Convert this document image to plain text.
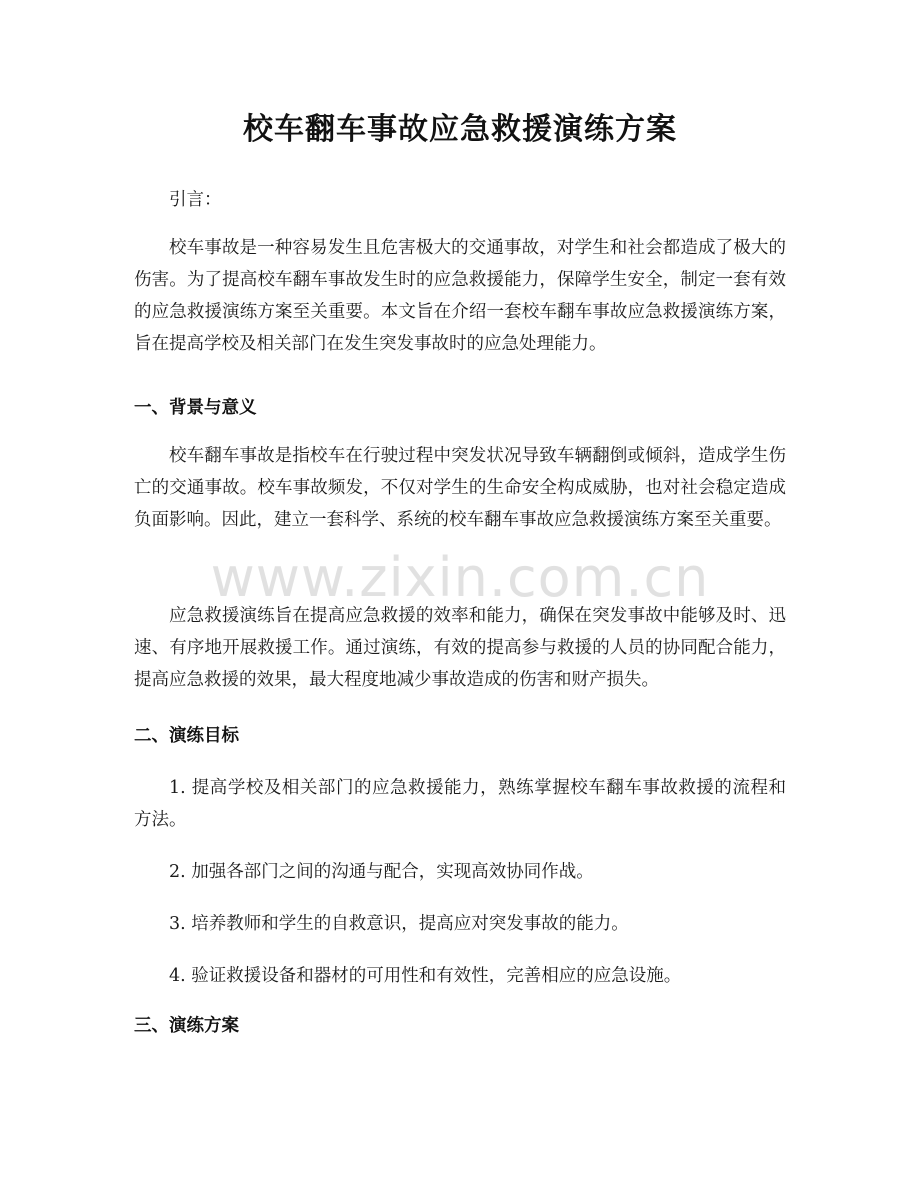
校车翻车事故应急救援演练方案

引言：

校车事故是一种容易发生且危害极大的交通事故，对学生和社会都造成了极大的伤害。为了提高校车翻车事故发生时的应急救援能力，保障学生安全，制定一套有效的应急救援演练方案至关重要。本文旨在介绍一套校车翻车事故应急救援演练方案，旨在提高学校及相关部门在发生突发事故时的应急处理能力。

一、背景与意义

校车翻车事故是指校车在行驶过程中突发状况导致车辆翻倒或倾斜，造成学生伤亡的交通事故。校车事故频发，不仅对学生的生命安全构成威胁，也对社会稳定造成负面影响。因此，建立一套科学、系统的校车翻车事故应急救援演练方案至关重要。

应急救援演练旨在提高应急救援的效率和能力，确保在突发事故中能够及时、迅速、有序地开展救援工作。通过演练，有效的提高参与救援的人员的协同配合能力，提高应急救援的效果，最大程度地减少事故造成的伤害和财产损失。

二、演练目标

1. 提高学校及相关部门的应急救援能力，熟练掌握校车翻车事故救援的流程和方法。

2. 加强各部门之间的沟通与配合，实现高效协同作战。

3. 培养教师和学生的自救意识，提高应对突发事故的能力。

4. 验证救援设备和器材的可用性和有效性，完善相应的应急设施。

三、演练方案
www.zixin.com.cn
